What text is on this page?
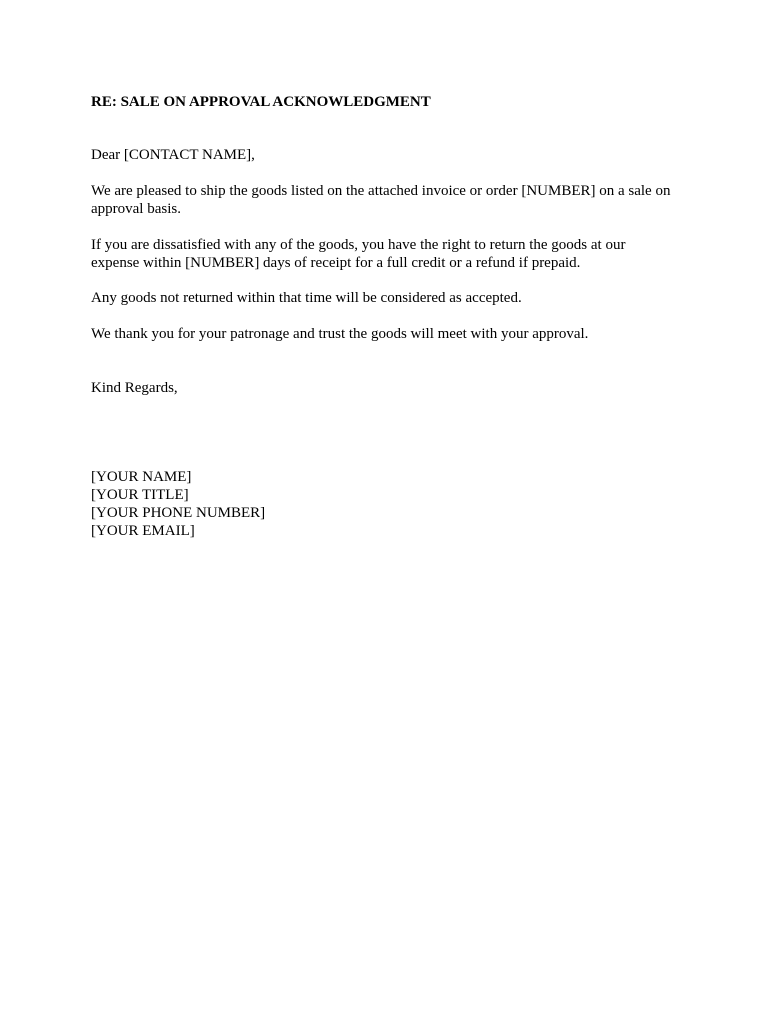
RE: SALE ON APPROVAL ACKNOWLEDGMENT
Dear [CONTACT NAME],
We are pleased to ship the goods listed on the attached invoice or order [NUMBER] on a sale on
approval basis.
If you are dissatisfied with any of the goods, you have the right to return the goods at our
expense within [NUMBER] days of receipt for a full credit or a refund if prepaid.
Any goods not returned within that time will be considered as accepted.
We thank you for your patronage and trust the goods will meet with your approval.
Kind Regards,
[YOUR NAME]
[YOUR TITLE]
[YOUR PHONE NUMBER]
[YOUR EMAIL]
